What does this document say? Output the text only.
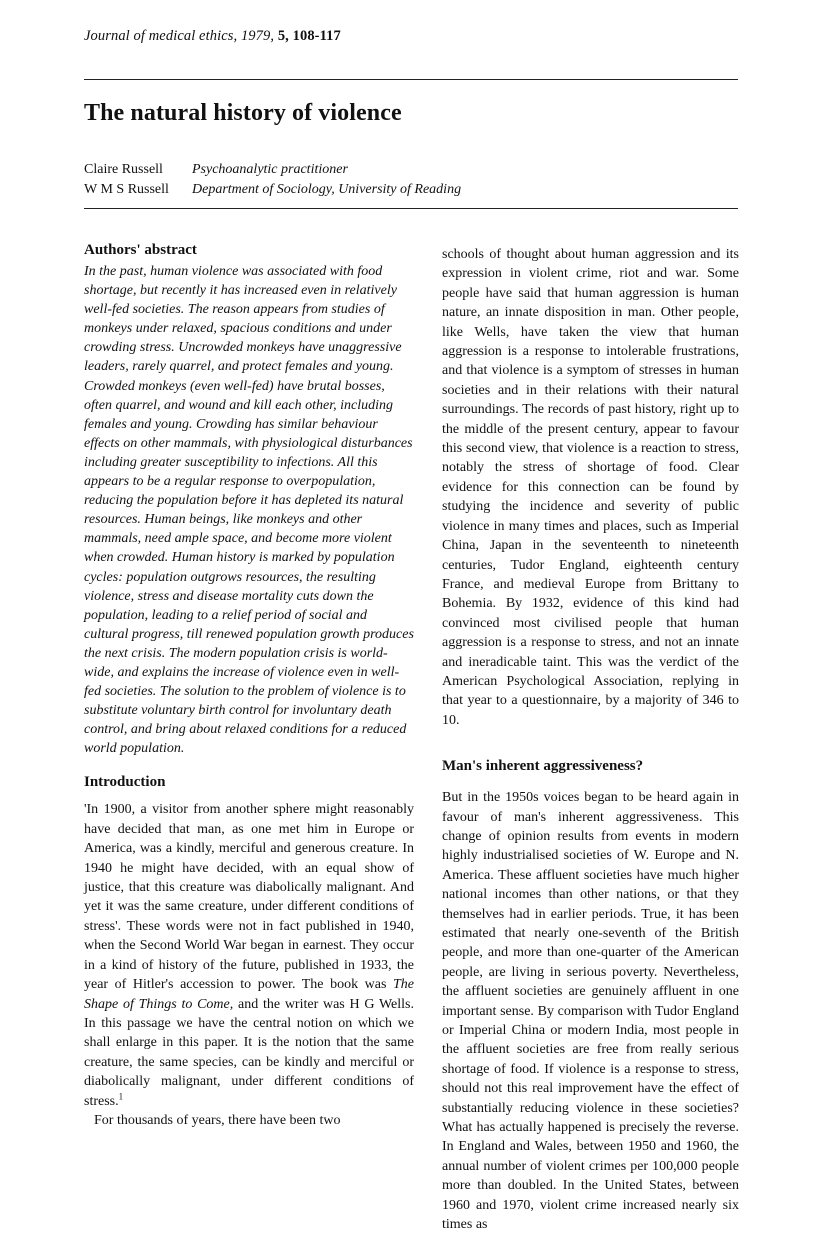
Journal of medical ethics, 1979, 5, 108-117
The natural history of violence
Claire Russell Psychoanalytic practitioner
W M S Russell Department of Sociology, University of Reading
Authors' abstract

In the past, human violence was associated with food shortage, but recently it has increased even in relatively well-fed societies. The reason appears from studies of monkeys under relaxed, spacious conditions and under crowding stress. Uncrowded monkeys have unaggressive leaders, rarely quarrel, and protect females and young. Crowded monkeys (even well-fed) have brutal bosses, often quarrel, and wound and kill each other, including females and young. Crowding has similar behaviour effects on other mammals, with physiological disturbances including greater susceptibility to infections. All this appears to be a regular response to overpopulation, reducing the population before it has depleted its natural resources. Human beings, like monkeys and other mammals, need ample space, and become more violent when crowded. Human history is marked by population cycles: population outgrows resources, the resulting violence, stress and disease mortality cuts down the population, leading to a relief period of social and cultural progress, till renewed population growth produces the next crisis. The modern population crisis is world-wide, and explains the increase of violence even in well-fed societies. The solution to the problem of violence is to substitute voluntary birth control for involuntary death control, and bring about relaxed conditions for a reduced world population.

Introduction

'In 1900, a visitor from another sphere might reasonably have decided that man, as one met him in Europe or America, was a kindly, merciful and generous creature. In 1940 he might have decided, with an equal show of justice, that this creature was diabolically malignant. And yet it was the same creature, under different conditions of stress'. These words were not in fact published in 1940, when the Second World War began in earnest. They occur in a kind of history of the future, published in 1933, the year of Hitler's accession to power. The book was The Shape of Things to Come, and the writer was H G Wells. In this passage we have the central notion on which we shall enlarge in this paper. It is the notion that the same creature, the same species, can be kindly and merciful or diabolically malignant, under different conditions of stress.$^1$

For thousands of years, there have been two

schools of thought about human aggression and its expression in violent crime, riot and war. Some people have said that human aggression is human nature, an innate disposition in man. Other people, like Wells, have taken the view that human aggression is a response to intolerable frustrations, and that violence is a symptom of stresses in human societies and in their relations with their natural surroundings. The records of past history, right up to the middle of the present century, appear to favour this second view, that violence is a reaction to stress, notably the stress of shortage of food. Clear evidence for this connection can be found by studying the incidence and severity of public violence in many times and places, such as Imperial China, Japan in the seventeenth to nineteenth centuries, Tudor England, eighteenth century France, and medieval Europe from Brittany to Bohemia. By 1932, evidence of this kind had convinced most civilised people that human aggression is a response to stress, and not an innate and ineradicable taint. This was the verdict of the American Psychological Association, replying in that year to a questionnaire, by a majority of 346 to 10.

Man's inherent aggressiveness?

But in the 1950s voices began to be heard again in favour of man's inherent aggressiveness. This change of opinion results from events in modern highly industrialised societies of W. Europe and N. America. These affluent societies have much higher national incomes than other nations, or that they themselves had in earlier periods. True, it has been estimated that nearly one-seventh of the British people, and more than one-quarter of the American people, are living in serious poverty. Nevertheless, the affluent societies are genuinely affluent in one important sense. By comparison with Tudor England or Imperial China or modern India, most people in the affluent societies are free from really serious shortage of food. If violence is a response to stress, should not this real improvement have the effect of substantially reducing violence in these societies? What has actually happened is precisely the reverse. In England and Wales, between 1950 and 1960, the annual number of violent crimes per 100,000 people more than doubled. In the United States, between 1960 and 1970, violent crime increased nearly six times as
